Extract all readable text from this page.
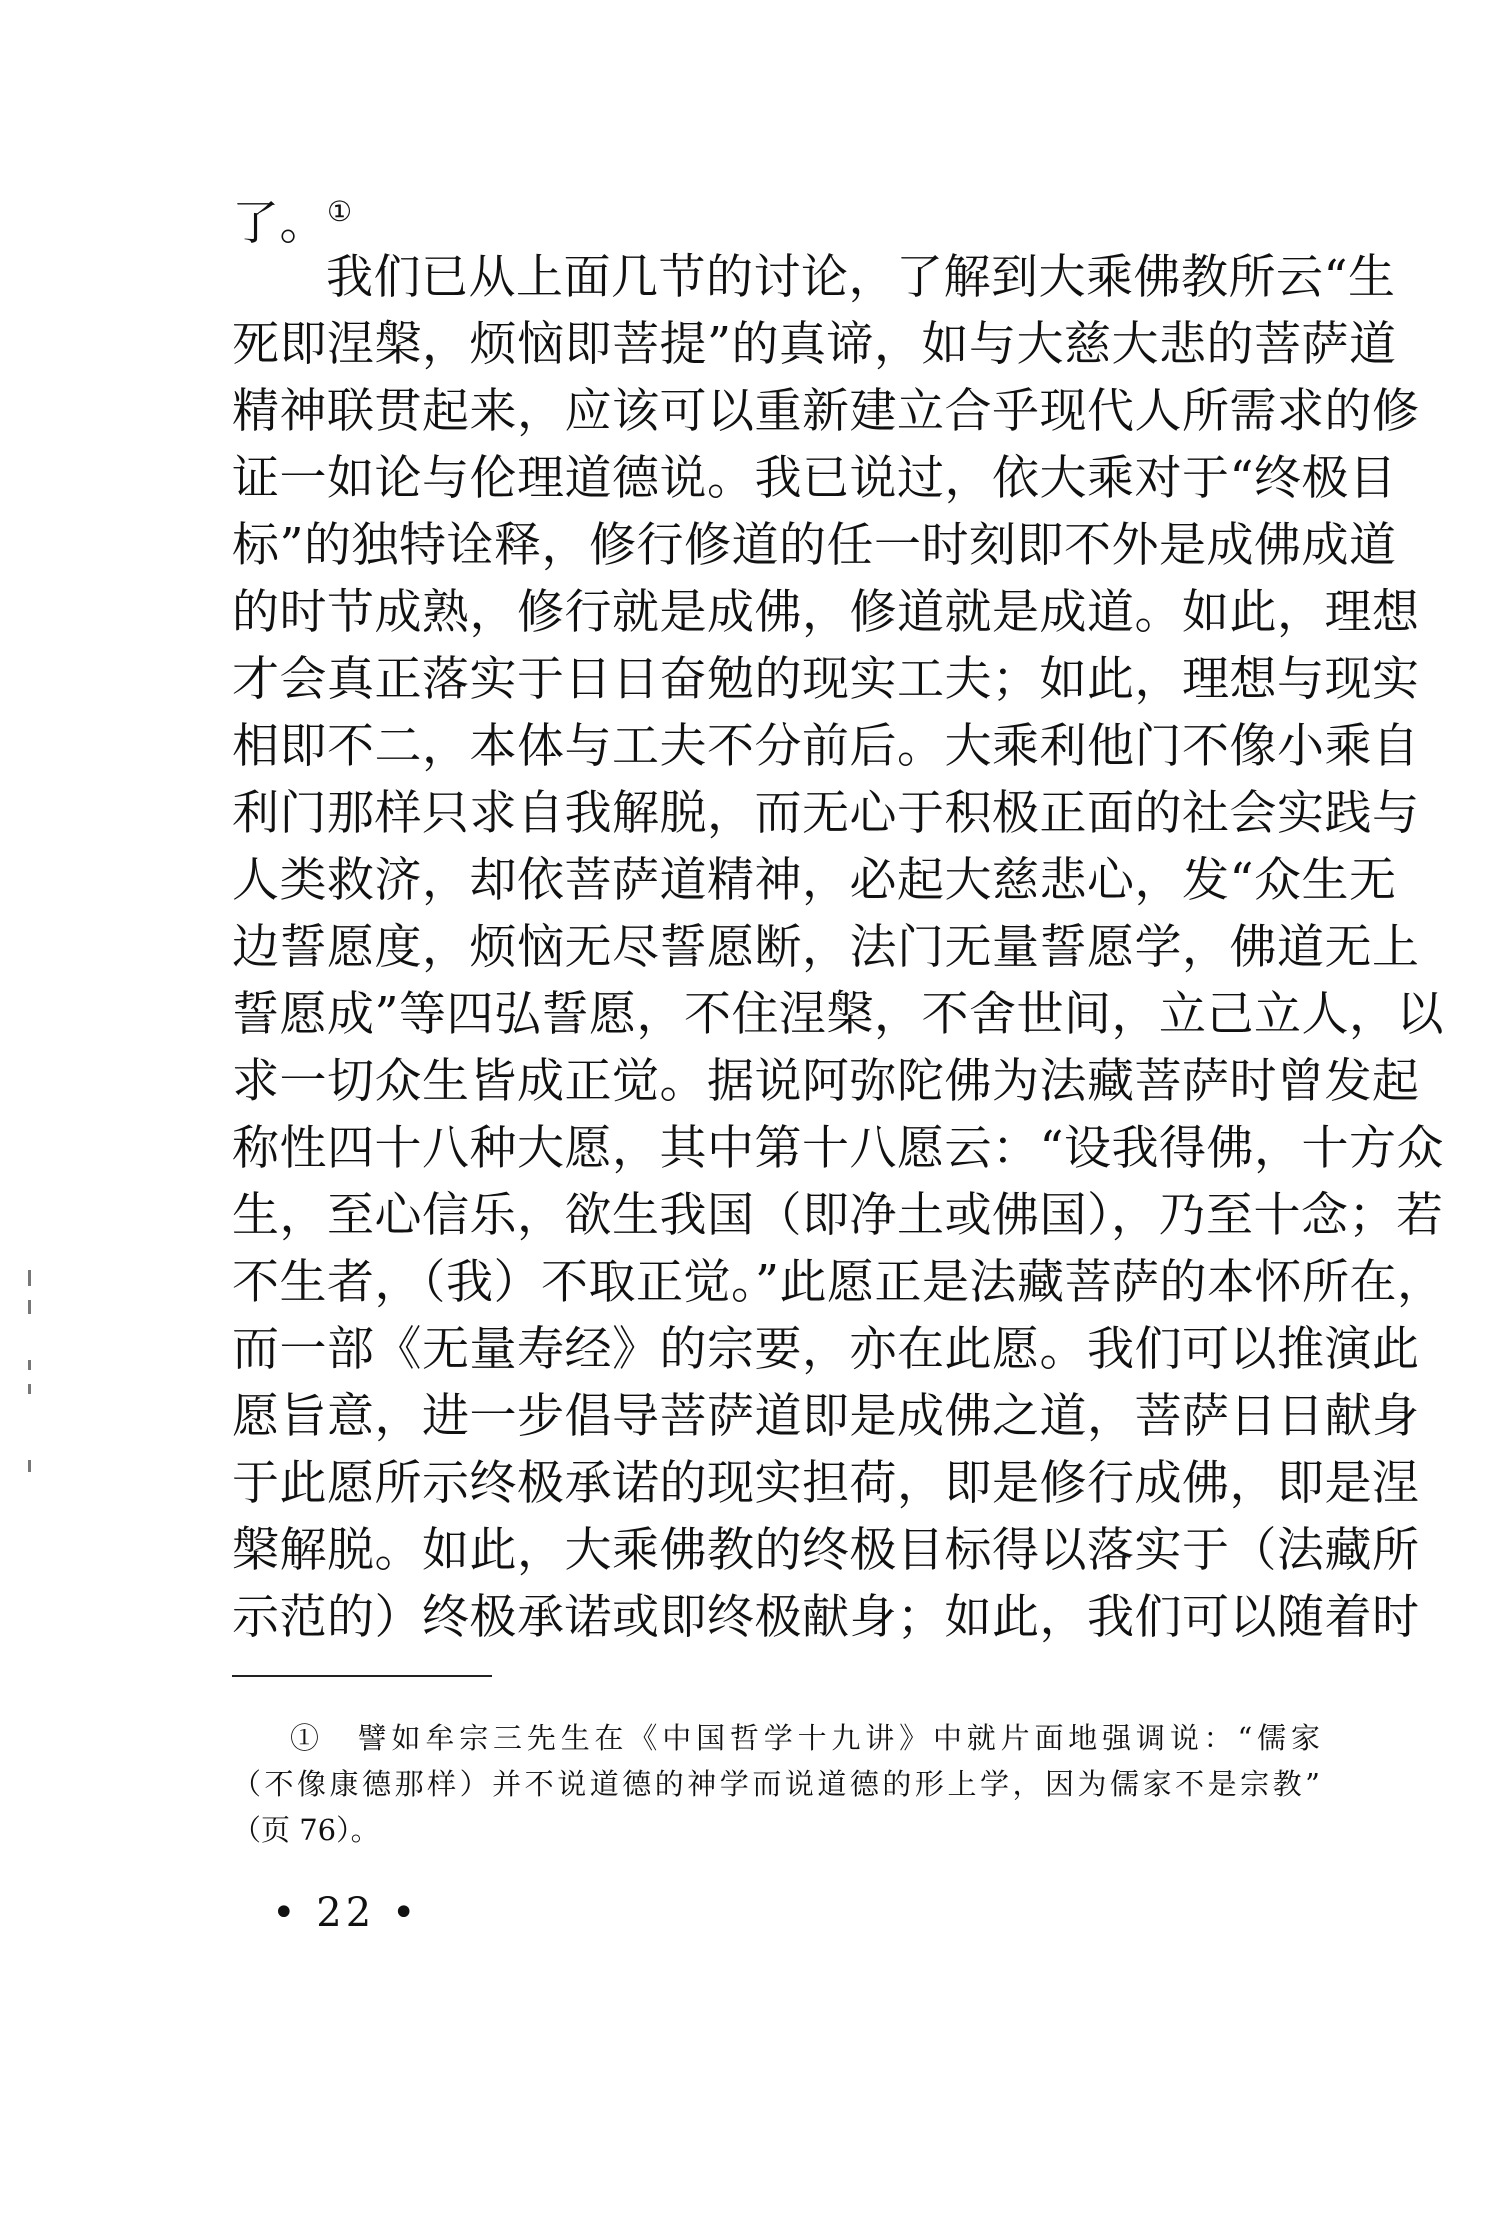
了。①
我们已从上面几节的讨论，了解到大乘佛教所云“生
死即涅槃，烦恼即菩提”的真谛，如与大慈大悲的菩萨道
精神联贯起来，应该可以重新建立合乎现代人所需求的修
证一如论与伦理道德说。我已说过，依大乘对于“终极目
标”的独特诠释，修行修道的任一时刻即不外是成佛成道
的时节成熟，修行就是成佛，修道就是成道。如此，理想
才会真正落实于日日奋勉的现实工夫；如此，理想与现实
相即不二，本体与工夫不分前后。大乘利他门不像小乘自
利门那样只求自我解脱，而无心于积极正面的社会实践与
人类救济，却依菩萨道精神，必起大慈悲心，发“众生无
边誓愿度，烦恼无尽誓愿断，法门无量誓愿学，佛道无上
誓愿成”等四弘誓愿，不住涅槃，不舍世间，立己立人，以
求一切众生皆成正觉。据说阿弥陀佛为法藏菩萨时曾发起
称性四十八种大愿，其中第十八愿云：“设我得佛，十方众
生，至心信乐，欲生我国（即净土或佛国），乃至十念；若
不生者，（我）不取正觉。”此愿正是法藏菩萨的本怀所在，
而一部《无量寿经》的宗要，亦在此愿。我们可以推演此
愿旨意，进一步倡导菩萨道即是成佛之道，菩萨日日献身
于此愿所示终极承诺的现实担荷，即是修行成佛，即是涅
槃解脱。如此，大乘佛教的终极目标得以落实于（法藏所
示范的）终极承诺或即终极献身；如此，我们可以随着时
①　譬如牟宗三先生在《中国哲学十九讲》中就片面地强调说：“儒家
（不像康德那样）并不说道德的神学而说道德的形上学，因为儒家不是宗教”
（页 76）。
• 22 •
